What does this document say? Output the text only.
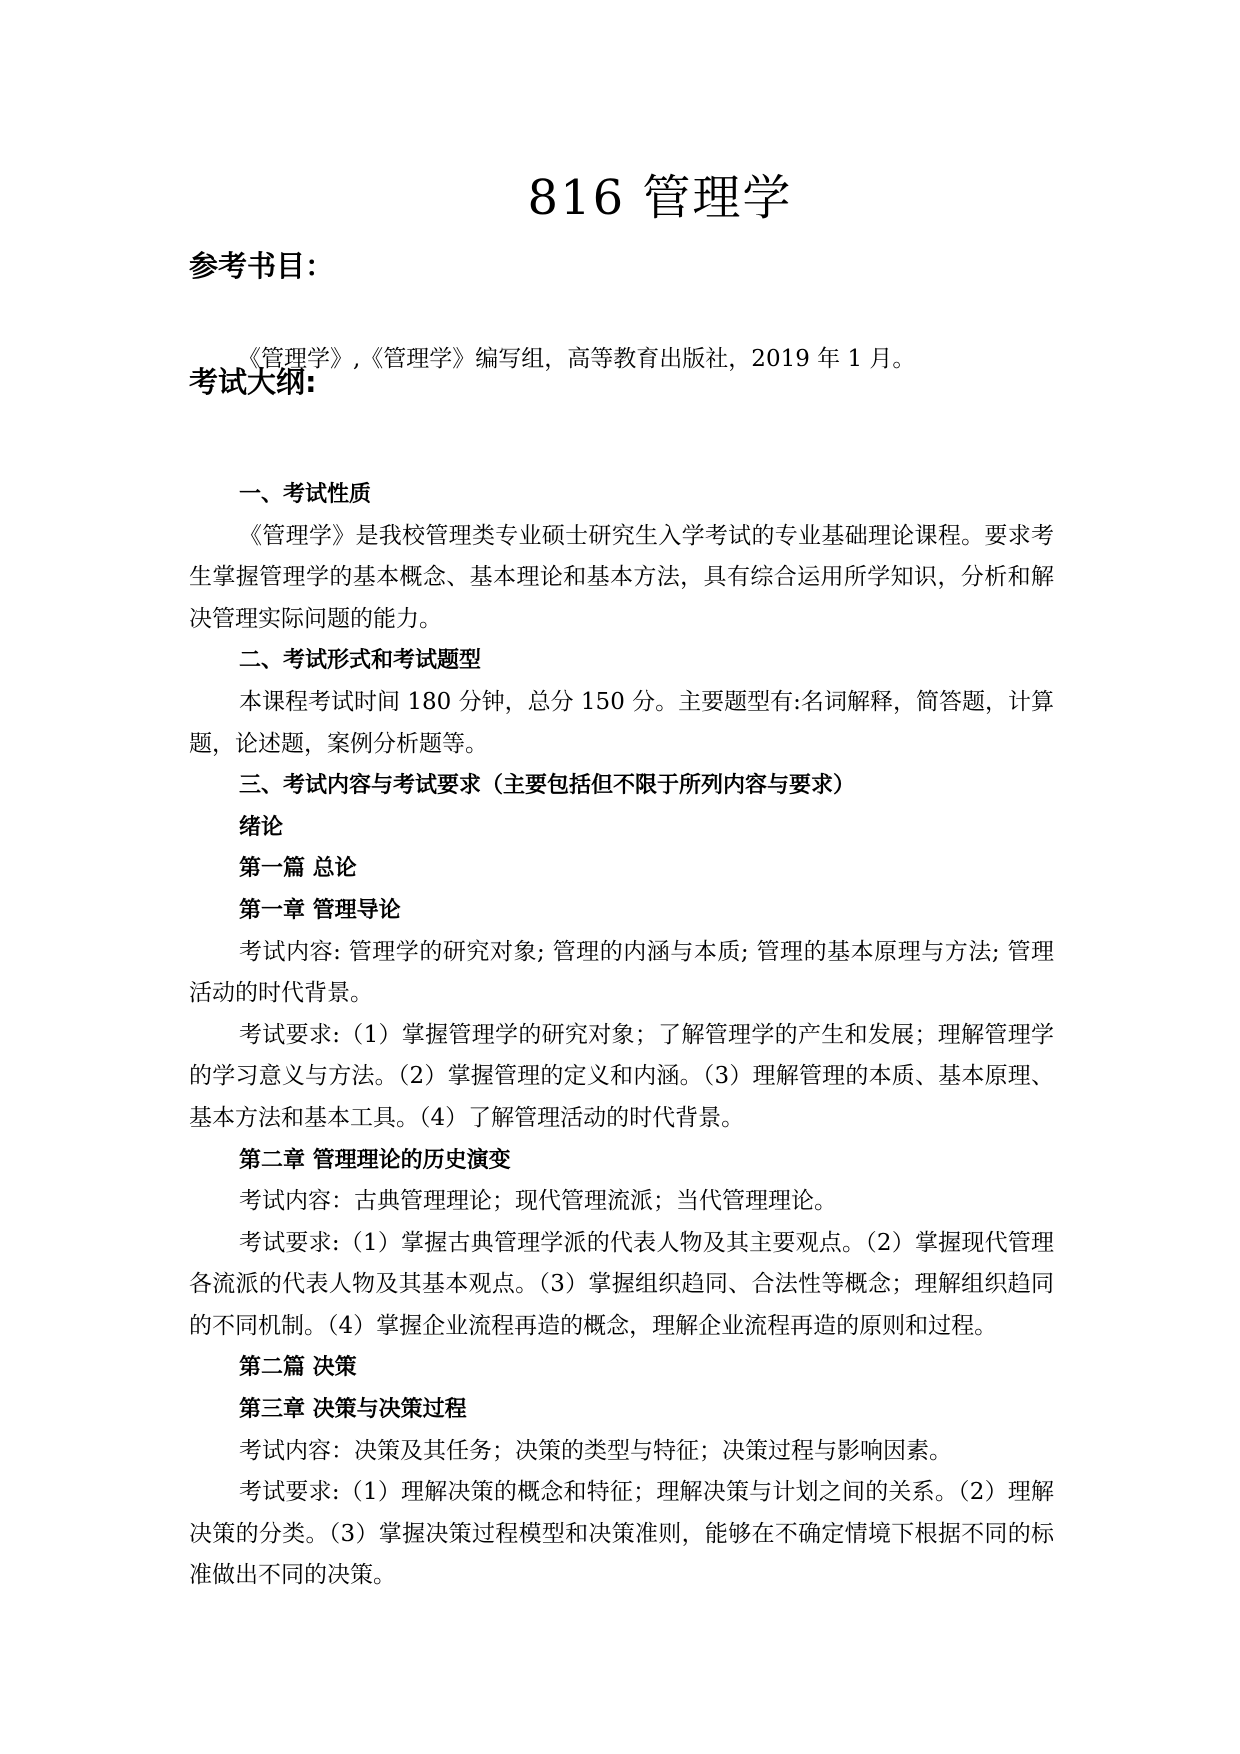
816 管理学
参考书目：

《管理学》,《管理学》编写组，高等教育出版社，2019 年 1 月。

考试大纲:

一、考试性质

《管理学》是我校管理类专业硕士研究生入学考试的专业基础理论课程。要求考生掌握管理学的基本概念、基本理论和基本方法，具有综合运用所学知识，分析和解决管理实际问题的能力。

二、考试形式和考试题型

本课程考试时间 180 分钟，总分 150 分。主要题型有:名词解释，简答题，计算题，论述题，案例分析题等。

三、考试内容与考试要求（主要包括但不限于所列内容与要求）

绪论

第一篇 总论

第一章 管理导论

考试内容: 管理学的研究对象; 管理的内涵与本质; 管理的基本原理与方法; 管理活动的时代背景。

考试要求:（1）掌握管理学的研究对象；了解管理学的产生和发展；理解管理学的学习意义与方法。（2）掌握管理的定义和内涵。（3）理解管理的本质、基本原理、基本方法和基本工具。（4）了解管理活动的时代背景。

第二章 管理理论的历史演变

考试内容：古典管理理论；现代管理流派；当代管理理论。

考试要求:（1）掌握古典管理学派的代表人物及其主要观点。（2）掌握现代管理各流派的代表人物及其基本观点。（3）掌握组织趋同、合法性等概念；理解组织趋同的不同机制。（4）掌握企业流程再造的概念，理解企业流程再造的原则和过程。

第二篇 决策

第三章 决策与决策过程

考试内容：决策及其任务；决策的类型与特征；决策过程与影响因素。

考试要求:（1）理解决策的概念和特征；理解决策与计划之间的关系。（2）理解决策的分类。（3）掌握决策过程模型和决策准则，能够在不确定情境下根据不同的标准做出不同的决策。
